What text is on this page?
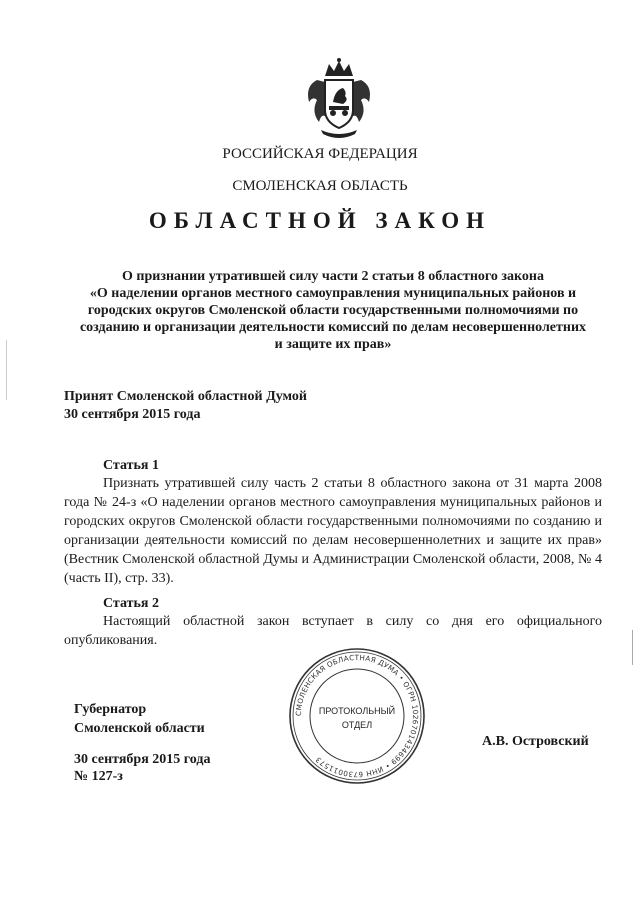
РОССИЙСКАЯ ФЕДЕРАЦИЯ
СМОЛЕНСКАЯ ОБЛАСТЬ
ОБЛАСТНОЙ ЗАКОН
О признании утратившей силу части 2 статьи 8 областного закона
«О наделении органов местного самоуправления муниципальных районов и
городских округов Смоленской области государственными полномочиями по
созданию и организации деятельности комиссий по делам несовершеннолетних
и защите их прав»
Принят Смоленской областной Думой
30 сентября 2015 года
Статья 1
Признать утратившей силу часть 2 статьи 8 областного закона от 31 марта 2008 года № 24-з «О наделении органов местного самоуправления муниципальных районов и городских округов Смоленской области государственными полномочиями по созданию и организации деятельности комиссий по делам несовершеннолетних и защите их прав» (Вестник Смоленской областной Думы и Администрации Смоленской области, 2008, № 4 (часть II), стр. 33).
Статья 2
Настоящий областной закон вступает в силу со дня его официального опубликования.
Губернатор
Смоленской области
30 сентября 2015 года
№ 127-з
СМОЛЕНСКАЯ ОБЛАСТНАЯ ДУМА • ОГРН 1026701434699 • ИНН 6730011573
ПРОТОКОЛЬНЫЙ
ОТДЕЛ
А.В. Островский
